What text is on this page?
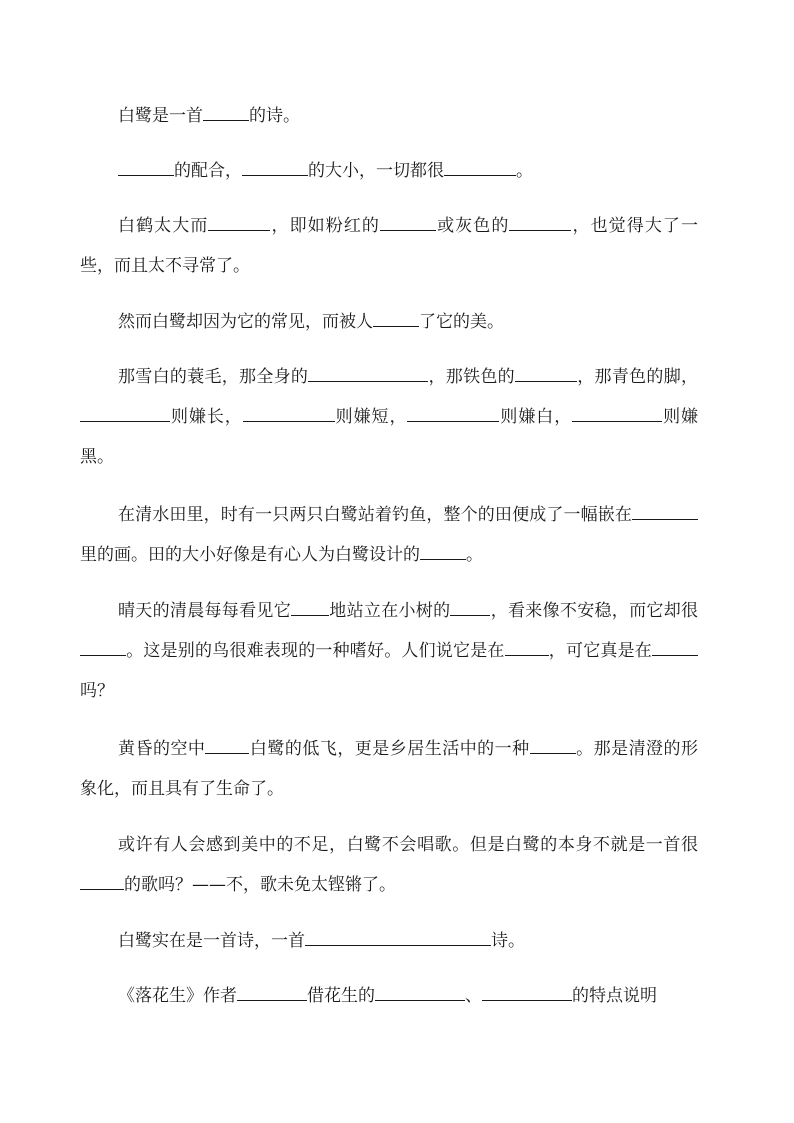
白鹭是一首	的诗。

的配合，	的大小，一切都很	。

白鹤太大而	，即如粉红的	或灰色的	，也觉得大了一些，而且太不寻常了。

然而白鹭却因为它的常见，而被人	了它的美。

那雪白的蓑毛，那全身的	，那铁色的	，那青色的脚，则嫌长，	则嫌短，	则嫌白，	则嫌黑。

在清水田里，时有一只两只白鹭站着钓鱼，整个的田便成了一幅嵌在里的画。田的大小好像是有心人为白鹭设计的	。

晴天的清晨每每看见它 地站立在小树的 ，看来像不安稳，而它却很。这是别的鸟很难表现的一种嗜好。人们说它是在	，可它真是在吗？

黄昏的空中	白鹭的低飞，更是乡居生活中的一种	。那是清澄的形象化，而且具有了生命了。

或许有人会感到美中的不足，白鹭不会唱歌。但是白鹭的本身不就是一首很的歌吗？——不，歌未免太铿锵了。

白鹭实在是一首诗，一首	诗。

《落花生》作者	借花生的	、	的特点说明
